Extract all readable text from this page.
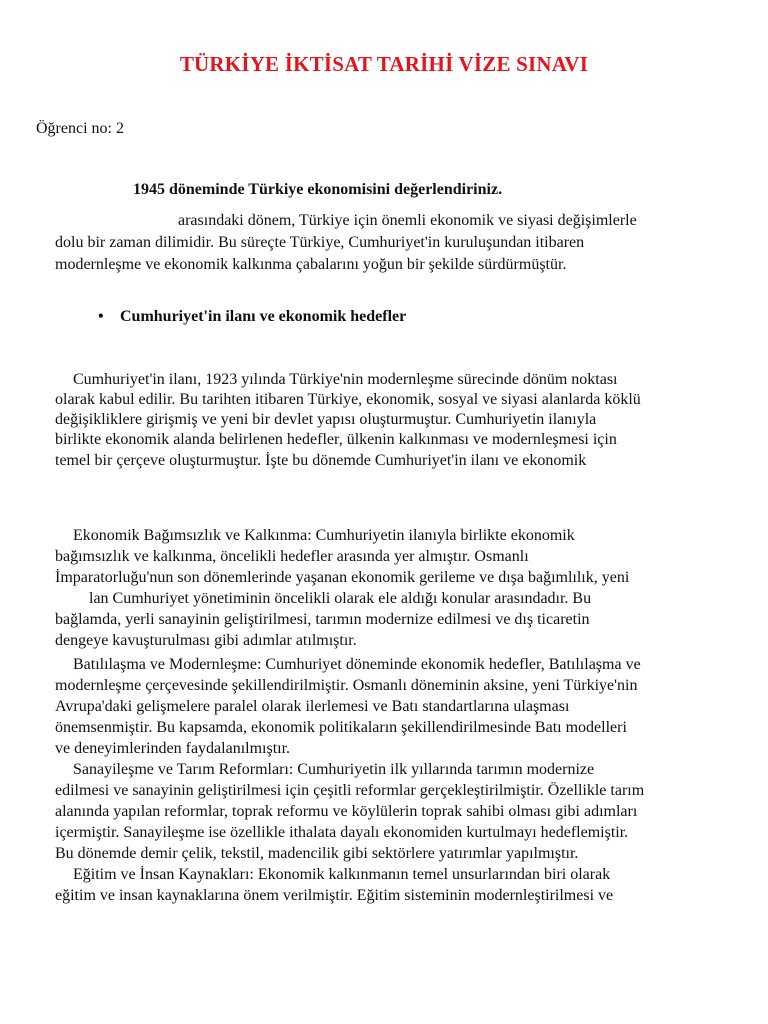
TÜRKİYE İKTİSAT TARİHİ VİZE SINAVI
Öğrenci no: 2
1945 döneminde Türkiye ekonomisini değerlendiriniz.
arasındaki dönem, Türkiye için önemli ekonomik ve siyasi değişimlerle
dolu bir zaman dilimidir. Bu süreçte Türkiye, Cumhuriyet'in kuruluşundan itibaren
modernleşme ve ekonomik kalkınma çabalarını yoğun bir şekilde sürdürmüştür.
• Cumhuriyet'in ilanı ve ekonomik hedefler
Cumhuriyet'in ilanı, 1923 yılında Türkiye'nin modernleşme sürecinde dönüm noktası
olarak kabul edilir. Bu tarihten itibaren Türkiye, ekonomik, sosyal ve siyasi alanlarda köklü
değişikliklere girişmiş ve yeni bir devlet yapısı oluşturmuştur. Cumhuriyetin ilanıyla
birlikte ekonomik alanda belirlenen hedefler, ülkenin kalkınması ve modernleşmesi için
temel bir çerçeve oluşturmuştur. İşte bu dönemde Cumhuriyet'in ilanı ve ekonomik
Ekonomik Bağımsızlık ve Kalkınma: Cumhuriyetin ilanıyla birlikte ekonomik
bağımsızlık ve kalkınma, öncelikli hedefler arasında yer almıştır. Osmanlı
İmparatorluğu'nun son dönemlerinde yaşanan ekonomik gerileme ve dışa bağımlılık, yeni
lan Cumhuriyet yönetiminin öncelikli olarak ele aldığı konular arasındadır. Bu
bağlamda, yerli sanayinin geliştirilmesi, tarımın modernize edilmesi ve dış ticaretin
dengeye kavuşturulması gibi adımlar atılmıştır.
Batılılaşma ve Modernleşme: Cumhuriyet döneminde ekonomik hedefler, Batılılaşma ve
modernleşme çerçevesinde şekillendirilmiştir. Osmanlı döneminin aksine, yeni Türkiye'nin
Avrupa'daki gelişmelere paralel olarak ilerlemesi ve Batı standartlarına ulaşması
önemsenmiştir. Bu kapsamda, ekonomik politikaların şekillendirilmesinde Batı modelleri
ve deneyimlerinden faydalanılmıştır.
Sanayileşme ve Tarım Reformları: Cumhuriyetin ilk yıllarında tarımın modernize
edilmesi ve sanayinin geliştirilmesi için çeşitli reformlar gerçekleştirilmiştir. Özellikle tarım
alanında yapılan reformlar, toprak reformu ve köylülerin toprak sahibi olması gibi adımları
içermiştir. Sanayileşme ise özellikle ithalata dayalı ekonomiden kurtulmayı hedeflemiştir.
Bu dönemde demir çelik, tekstil, madencilik gibi sektörlere yatırımlar yapılmıştır.
Eğitim ve İnsan Kaynakları: Ekonomik kalkınmanın temel unsurlarından biri olarak
eğitim ve insan kaynaklarına önem verilmiştir. Eğitim sisteminin modernleştirilmesi ve
